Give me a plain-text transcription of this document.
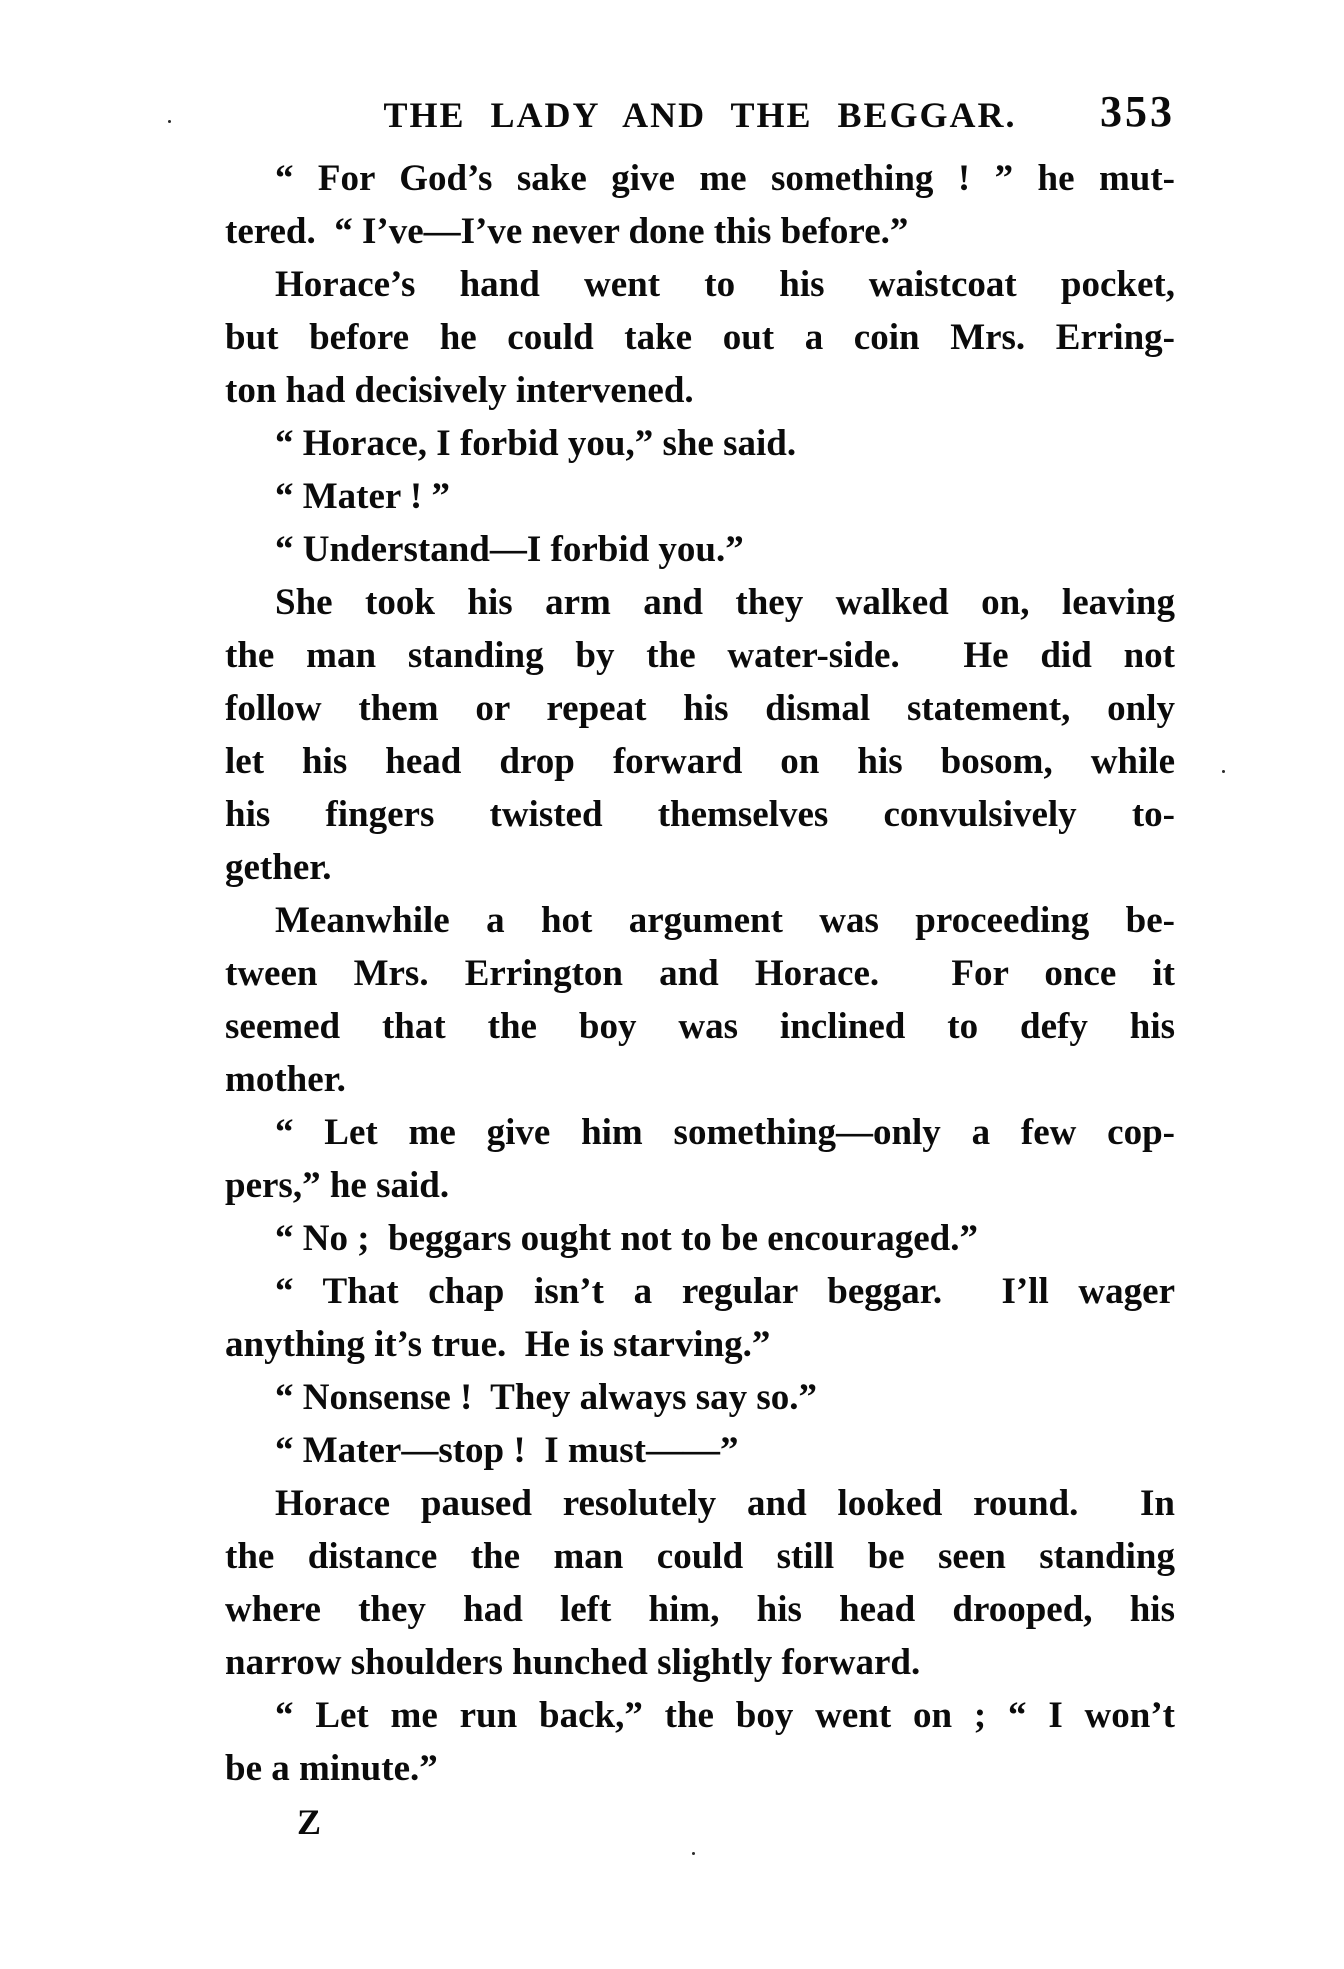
THE LADY AND THE BEGGAR.	353
“ For God’s sake give me something ! ” he mut-
tered.  “ I’ve—I’ve never done this before.”
Horace’s hand went to his waistcoat pocket,
but before he could take out a coin Mrs. Erring-
ton had decisively intervened.
“ Horace, I forbid you,” she said.
“ Mater ! ”
“ Understand—I forbid you.”
She took his arm and they walked on, leaving
the man standing by the water-side.  He did not
follow them or repeat his dismal statement, only
let his head drop forward on his bosom, while
his fingers twisted themselves convulsively to-
gether.
Meanwhile a hot argument was proceeding be-
tween Mrs. Errington and Horace.  For once it
seemed that the boy was inclined to defy his
mother.
“ Let me give him something—only a few cop-
pers,” he said.
“ No ;  beggars ought not to be encouraged.”
“ That chap isn’t a regular beggar.  I’ll wager
anything it’s true.  He is starving.”
“ Nonsense !  They always say so.”
“ Mater—stop !  I must——”
Horace paused resolutely and looked round.  In
the distance the man could still be seen standing
where they had left him, his head drooped, his
narrow shoulders hunched slightly forward.
“ Let me run back,” the boy went on ; “ I won’t
be a minute.”
Z
